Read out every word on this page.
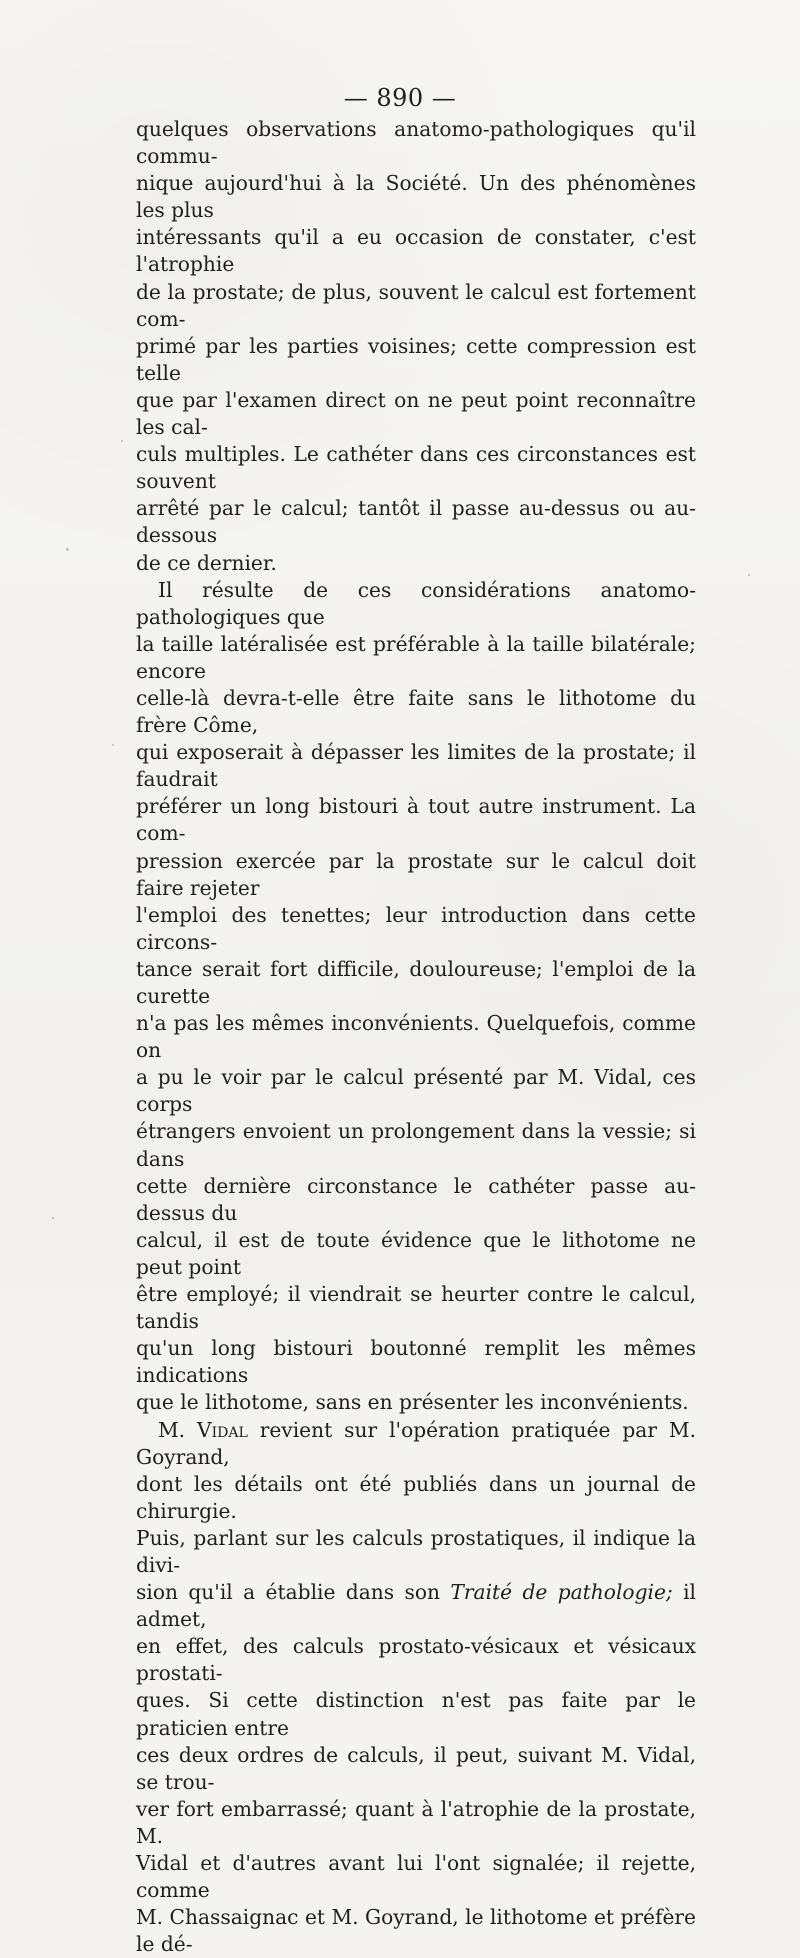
— 890 —

quelques observations anatomo-pathologiques qu'il commu-
nique aujourd'hui à la Société. Un des phénomènes les plus
intéressants qu'il a eu occasion de constater, c'est l'atrophie
de la prostate; de plus, souvent le calcul est fortement com-
primé par les parties voisines; cette compression est telle
que par l'examen direct on ne peut point reconnaître les cal-
culs multiples. Le cathéter dans ces circonstances est souvent
arrêté par le calcul; tantôt il passe au-dessus ou au-dessous
de ce dernier.

Il résulte de ces considérations anatomo-pathologiques que
la taille latéralisée est préférable à la taille bilatérale; encore
celle-là devra-t-elle être faite sans le lithotome du frère Côme,
qui exposerait à dépasser les limites de la prostate; il faudrait
préférer un long bistouri à tout autre instrument. La com-
pression exercée par la prostate sur le calcul doit faire rejeter
l'emploi des tenettes; leur introduction dans cette circons-
tance serait fort difficile, douloureuse; l'emploi de la curette
n'a pas les mêmes inconvénients. Quelquefois, comme on
a pu le voir par le calcul présenté par M. Vidal, ces corps
étrangers envoient un prolongement dans la vessie; si dans
cette dernière circonstance le cathéter passe au-dessus du
calcul, il est de toute évidence que le lithotome ne peut point
être employé; il viendrait se heurter contre le calcul, tandis
qu'un long bistouri boutonné remplit les mêmes indications
que le lithotome, sans en présenter les inconvénients.

M. Vidal revient sur l'opération pratiquée par M. Goyrand,
dont les détails ont été publiés dans un journal de chirurgie.
Puis, parlant sur les calculs prostatiques, il indique la divi-
sion qu'il a établie dans son Traité de pathologie; il admet,
en effet, des calculs prostato-vésicaux et vésicaux prostati-
ques. Si cette distinction n'est pas faite par le praticien entre
ces deux ordres de calculs, il peut, suivant M. Vidal, se trou-
ver fort embarrassé; quant à l'atrophie de la prostate, M.
Vidal et d'autres avant lui l'ont signalée; il rejette, comme
M. Chassaignac et M. Goyrand, le lithotome et préfère le dé-
